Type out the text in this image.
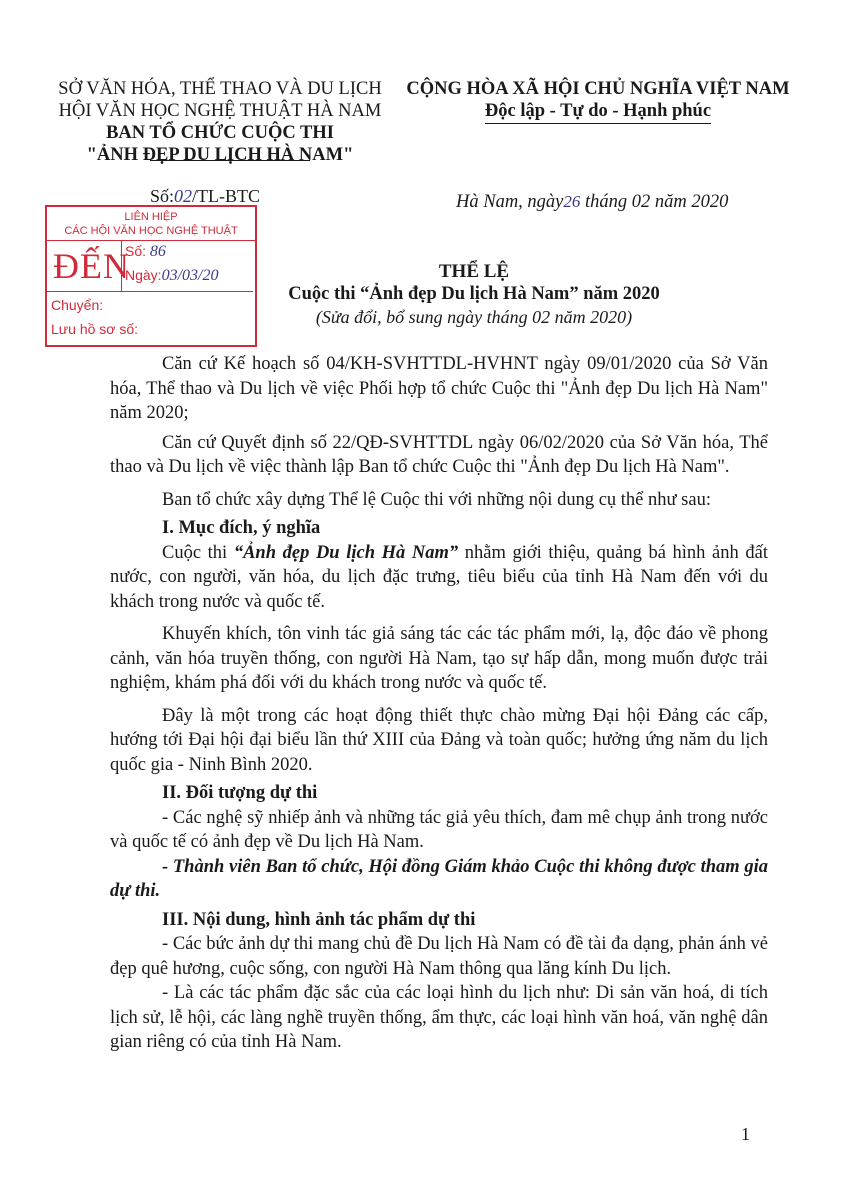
SỞ VĂN HÓA, THỂ THAO VÀ DU LỊCH
HỘI VĂN HỌC NGHỆ THUẬT HÀ NAM
BAN TỔ CHỨC CUỘC THI
"ẢNH ĐẸP DU LỊCH HÀ NAM"
CỘNG HÒA XÃ HỘI CHỦ NGHĨA VIỆT NAM
Độc lập - Tự do - Hạnh phúc
Số:02/TL-BTC	Hà Nam, ngày26 tháng 02 năm 2020
LIÊN HIỆP
CÁC HỘI VĂN HỌC NGHỆ THUẬT
ĐẾN
Số: 86
Ngày:03/03/20
Chuyển:
Lưu hồ sơ số:
THỂ LỆ
Cuộc thi “Ảnh đẹp Du lịch Hà Nam” năm 2020
(Sửa đổi, bổ sung ngày tháng 02 năm 2020)

Căn cứ Kế hoạch số 04/KH-SVHTTDL-HVHNT ngày 09/01/2020 của Sở Văn hóa, Thể thao và Du lịch về việc Phối hợp tổ chức Cuộc thi "Ảnh đẹp Du lịch Hà Nam" năm 2020;

Căn cứ Quyết định số 22/QĐ-SVHTTDL ngày 06/02/2020 của Sở Văn hóa, Thể thao và Du lịch về việc thành lập Ban tổ chức Cuộc thi "Ảnh đẹp Du lịch Hà Nam".

Ban tổ chức xây dựng Thể lệ Cuộc thi với những nội dung cụ thể như sau:

I. Mục đích, ý nghĩa

Cuộc thi “Ảnh đẹp Du lịch Hà Nam” nhằm giới thiệu, quảng bá hình ảnh đất nước, con người, văn hóa, du lịch đặc trưng, tiêu biểu của tỉnh Hà Nam đến với du khách trong nước và quốc tế.

Khuyến khích, tôn vinh tác giả sáng tác các tác phẩm mới, lạ, độc đáo về phong cảnh, văn hóa truyền thống, con người Hà Nam, tạo sự hấp dẫn, mong muốn được trải nghiệm, khám phá đối với du khách trong nước và quốc tế.

Đây là một trong các hoạt động thiết thực chào mừng Đại hội Đảng các cấp, hướng tới Đại hội đại biểu lần thứ XIII của Đảng và toàn quốc; hưởng ứng năm du lịch quốc gia - Ninh Bình 2020.

II. Đối tượng dự thi

- Các nghệ sỹ nhiếp ảnh và những tác giả yêu thích, đam mê chụp ảnh trong nước và quốc tế có ảnh đẹp về Du lịch Hà Nam.

- Thành viên Ban tổ chức, Hội đồng Giám khảo Cuộc thi không được tham gia dự thi.

III. Nội dung, hình ảnh tác phẩm dự thi

- Các bức ảnh dự thi mang chủ đề Du lịch Hà Nam có đề tài đa dạng, phản ánh vẻ đẹp quê hương, cuộc sống, con người Hà Nam thông qua lăng kính Du lịch.

- Là các tác phẩm đặc sắc của các loại hình du lịch như: Di sản văn hoá, di tích lịch sử, lễ hội, các làng nghề truyền thống, ẩm thực, các loại hình văn hoá, văn nghệ dân gian riêng có của tỉnh Hà Nam.

1
